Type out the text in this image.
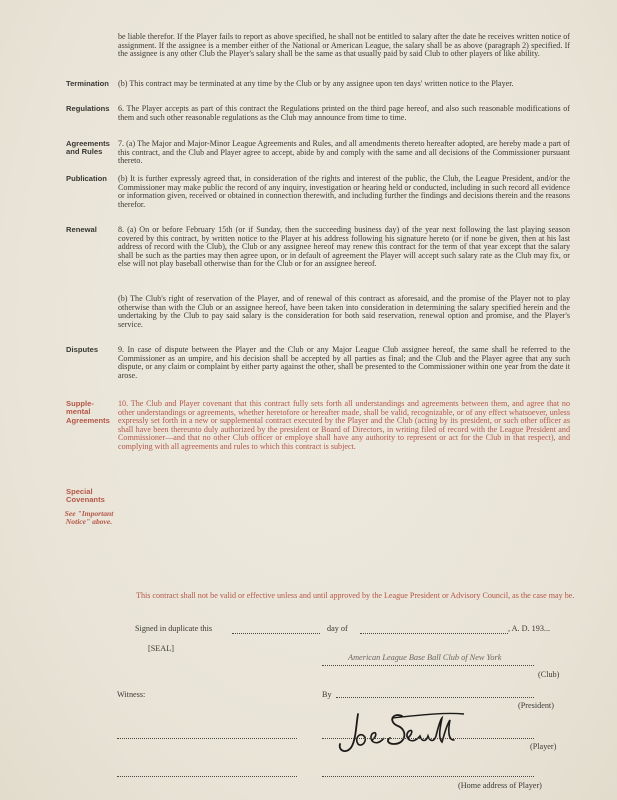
be liable therefor. If the Player fails to report as above specified, he shall not be entitled to salary after the date he receives written notice of assignment. If the assignee is a member either of the National or American League, the salary shall be as above (paragraph 2) specified. If the assignee is any other Club the Player's salary shall be the same as that usually paid by said Club to other players of like ability.
Termination	(b) This contract may be terminated at any time by the Club or by any assignee upon ten days' written notice to the Player.
Regulations	6. The Player accepts as part of this contract the Regulations printed on the third page hereof, and also such reasonable modifications of them and such other reasonable regulations as the Club may announce from time to time.
Agreements and Rules
7. (a) The Major and Major-Minor League Agreements and Rules, and all amendments thereto hereafter adopted, are hereby made a part of this contract, and the Club and Player agree to accept, abide by and comply with the same and all decisions of the Commissioner pursuant thereto.
Publication	(b) It is further expressly agreed that, in consideration of the rights and interest of the public, the Club, the League President, and/or the Commissioner may make public the record of any inquiry, investigation or hearing held or conducted, including in such record all evidence or information given, received or obtained in connection therewith, and including further the findings and decisions therein and the reasons therefor.
Renewal	8. (a) On or before February 15th (or if Sunday, then the succeeding business day) of the year next following the last playing season covered by this contract, by written notice to the Player at his address following his signature hereto (or if none be given, then at his last address of record with the Club), the Club or any assignee hereof may renew this contract for the term of that year except that the salary shall be such as the parties may then agree upon, or in default of agreement the Player will accept such salary rate as the Club may fix, or else will not play baseball otherwise than for the Club or for an assignee hereof.
(b) The Club's right of reservation of the Player, and of renewal of this contract as aforesaid, and the promise of the Player not to play otherwise than with the Club or an assignee hereof, have been taken into consideration in determining the salary specified herein and the undertaking by the Club to pay said salary is the consideration for both said reservation, renewal option and promise, and the Player's service.
Disputes	9. In case of dispute between the Player and the Club or any Major League Club assignee hereof, the same shall be referred to the Commissioner as an umpire, and his decision shall be accepted by all parties as final; and the Club and the Player agree that any such dispute, or any claim or complaint by either party against the other, shall be presented to the Commissioner within one year from the date it arose.
Supple- mental Agreements
10. The Club and Player covenant that this contract fully sets forth all understandings and agreements between them, and agree that no other understandings or agreements, whether heretofore or hereafter made, shall be valid, recognizable, or of any effect whatsoever, unless expressly set forth in a new or supplemental contract executed by the Player and the Club (acting by its president, or such other officer as shall have been thereunto duly authorized by the president or Board of Directors, in writing filed of record with the League President and Commissioner—and that no other Club officer or employe shall have any authority to represent or act for the Club in that respect), and complying with all agreements and rules to which this contract is subject.
Special Covenants
See "Important Notice" above.
This contract shall not be valid or effective unless and until approved by the League President or Advisory Council, as the case may be.
Signed in duplicate this	day of	, A. D. 193...
[SEAL]
American League Base Ball Club of New York
(Club)
Witness:	By
(President)
(Player)
(Home address of Player)
